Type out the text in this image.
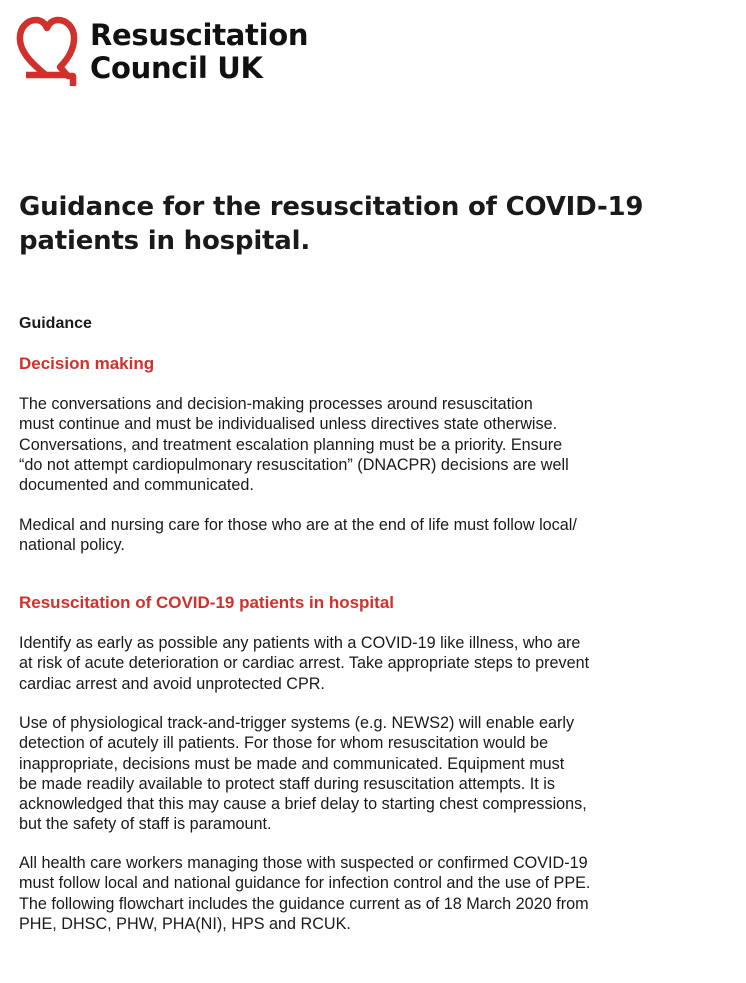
Resuscitation
Council UK
Guidance for the resuscitation of COVID-19
patients in hospital.
Guidance
Decision making

The conversations and decision-making processes around resuscitation
must continue and must be individualised unless directives state otherwise.
Conversations, and treatment escalation planning must be a priority. Ensure
“do not attempt cardiopulmonary resuscitation” (DNACPR) decisions are well
documented and communicated.

Medical and nursing care for those who are at the end of life must follow local/
national policy.

Resuscitation of COVID-19 patients in hospital

Identify as early as possible any patients with a COVID-19 like illness, who are
at risk of acute deterioration or cardiac arrest. Take appropriate steps to prevent
cardiac arrest and avoid unprotected CPR.

Use of physiological track-and-trigger systems (e.g. NEWS2) will enable early
detection of acutely ill patients. For those for whom resuscitation would be
inappropriate, decisions must be made and communicated. Equipment must
be made readily available to protect staff during resuscitation attempts. It is
acknowledged that this may cause a brief delay to starting chest compressions,
but the safety of staff is paramount.

All health care workers managing those with suspected or confirmed COVID-19
must follow local and national guidance for infection control and the use of PPE.
The following flowchart includes the guidance current as of 18 March 2020 from
PHE, DHSC, PHW, PHA(NI), HPS and RCUK.
